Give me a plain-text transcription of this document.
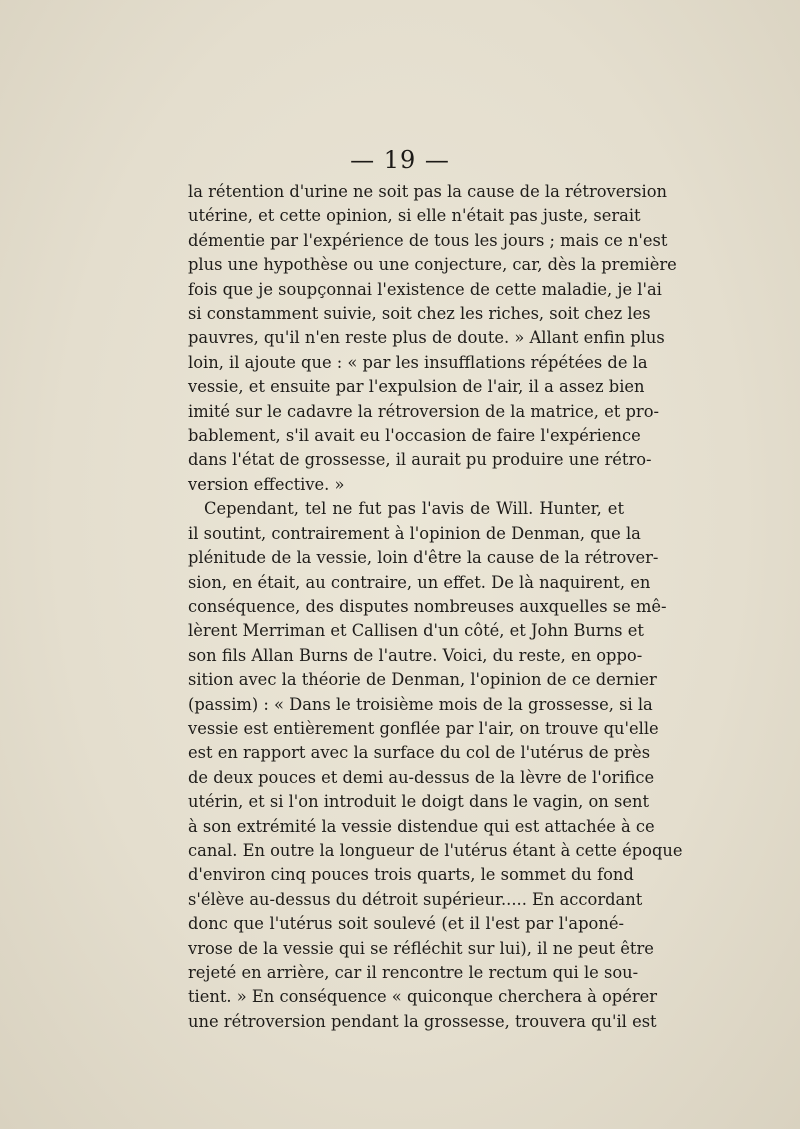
— 19 —
la rétention d'urine ne soit pas la cause de la rétroversion
utérine, et cette opinion, si elle n'était pas juste, serait
démentie par l'expérience de tous les jours ; mais ce n'est
plus une hypothèse ou une conjecture, car, dès la première
fois que je soupçonnai l'existence de cette maladie, je l'ai
si constamment suivie, soit chez les riches, soit chez les
pauvres, qu'il n'en reste plus de doute. » Allant enfin plus
loin, il ajoute que : « par les insufflations répétées de la
vessie, et ensuite par l'expulsion de l'air, il a assez bien
imité sur le cadavre la rétroversion de la matrice, et pro-
bablement, s'il avait eu l'occasion de faire l'expérience
dans l'état de grossesse, il aurait pu produire une rétro-
version effective. »
Cependant, tel ne fut pas l'avis de Will. Hunter, et
il soutint, contrairement à l'opinion de Denman, que la
plénitude de la vessie, loin d'être la cause de la rétrover-
sion, en était, au contraire, un effet. De là naquirent, en
conséquence, des disputes nombreuses auxquelles se mê-
lèrent Merriman et Callisen d'un côté, et John Burns et
son fils Allan Burns de l'autre. Voici, du reste, en oppo-
sition avec la théorie de Denman, l'opinion de ce dernier
(passim) : « Dans le troisième mois de la grossesse, si la
vessie est entièrement gonflée par l'air, on trouve qu'elle
est en rapport avec la surface du col de l'utérus de près
de deux pouces et demi au-dessus de la lèvre de l'orifice
utérin, et si l'on introduit le doigt dans le vagin, on sent
à son extrémité la vessie distendue qui est attachée à ce
canal. En outre la longueur de l'utérus étant à cette époque
d'environ cinq pouces trois quarts, le sommet du fond
s'élève au-dessus du détroit supérieur..... En accordant
donc que l'utérus soit soulevé (et il l'est par l'aponé-
vrose de la vessie qui se réfléchit sur lui), il ne peut être
rejeté en arrière, car il rencontre le rectum qui le sou-
tient. » En conséquence « quiconque cherchera à opérer
une rétroversion pendant la grossesse, trouvera qu'il est
